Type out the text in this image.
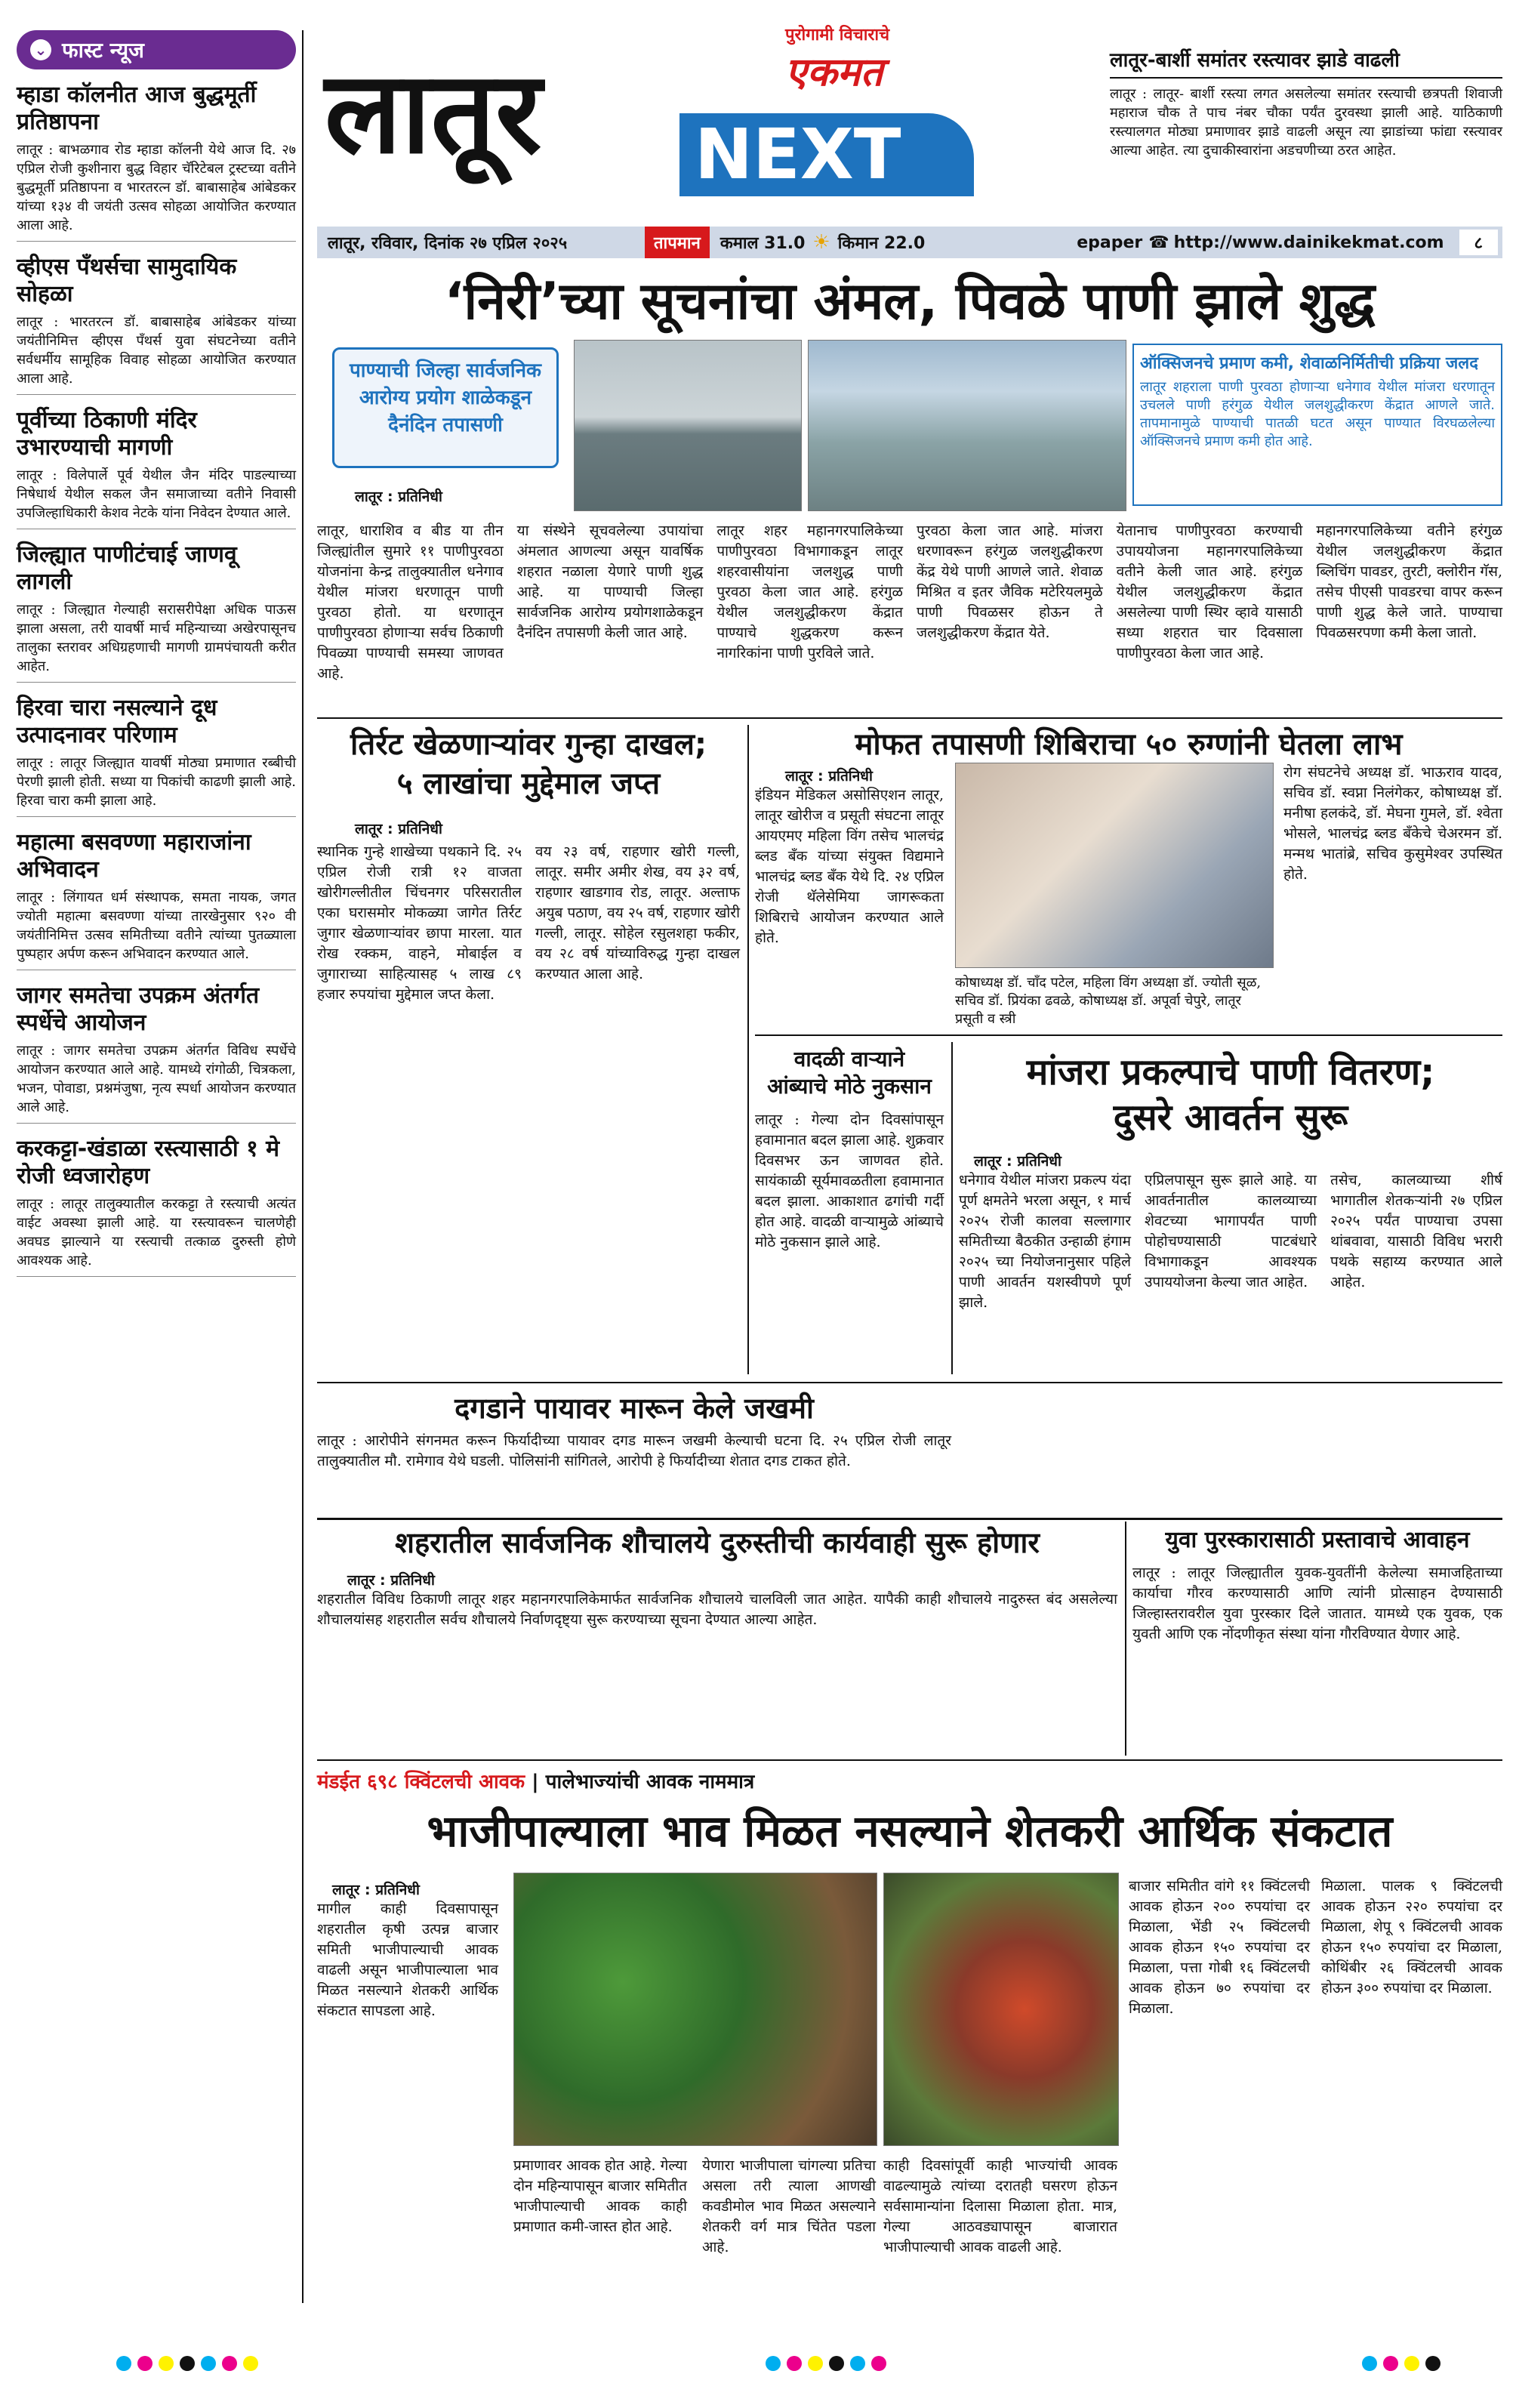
⌄ फास्ट न्यूज
म्हाडा कॉलनीत आज बुद्धमूर्ती प्रतिष्ठापना
लातूर : बाभळगाव रोड म्हाडा कॉलनी येथे आज दि. २७ एप्रिल रोजी कुशीनारा बुद्ध विहार चॅरिटेबल ट्रस्टच्या वतीने बुद्धमूर्ती प्रतिष्ठापना व भारतरत्न डॉ. बाबासाहेब आंबेडकर यांच्या १३४ वी जयंती उत्सव सोहळा आयोजित करण्यात आला आहे.
व्हीएस पँथर्सचा सामुदायिक सोहळा
लातूर : भारतरत्न डॉ. बाबासाहेब आंबेडकर यांच्या जयंतीनिमित्त व्हीएस पँथर्स युवा संघटनेच्या वतीने सर्वधर्मीय सामूहिक विवाह सोहळा आयोजित करण्यात आला आहे.
पूर्वीच्या ठिकाणी मंदिर उभारण्याची मागणी
लातूर : विलेपार्ले पूर्व येथील जैन मंदिर पाडल्याच्या निषेधार्थ येथील सकल जैन समाजाच्या वतीने निवासी उपजिल्हाधिकारी केशव नेटके यांना निवेदन देण्यात आले.
जिल्ह्यात पाणीटंचाई जाणवू लागली
लातूर : जिल्ह्यात गेल्याही सरासरीपेक्षा अधिक पाऊस झाला असला, तरी यावर्षी मार्च महिन्याच्या अखेरपासूनच तालुका स्तरावर अधिग्रहणाची मागणी ग्रामपंचायती करीत आहेत.
हिरवा चारा नसल्याने दूध उत्पादनावर परिणाम
लातूर : लातूर जिल्ह्यात यावर्षी मोठ्या प्रमाणात रब्बीची पेरणी झाली होती. सध्या या पिकांची काढणी झाली आहे. हिरवा चारा कमी झाला आहे.
महात्मा बसवण्णा महाराजांना अभिवादन
लातूर : लिंगायत धर्म संस्थापक, समता नायक, जगत ज्योती महात्मा बसवण्णा यांच्या तारखेनुसार ९२० वी जयंतीनिमित्त उत्सव समितीच्या वतीने त्यांच्या पुतळ्याला पुष्पहार अर्पण करून अभिवादन करण्यात आले.
जागर समतेचा उपक्रम अंतर्गत स्पर्धेचे आयोजन
लातूर : जागर समतेचा उपक्रम अंतर्गत विविध स्पर्धेचे आयोजन करण्यात आले आहे. यामध्ये रांगोळी, चित्रकला, भजन, पोवाडा, प्रश्नमंजुषा, नृत्य स्पर्धा आयोजन करण्यात आले आहे.
करकट्टा-खंडाळा रस्त्यासाठी १ मे रोजी ध्वजारोहण
लातूर : लातूर तालुक्यातील करकट्टा ते रस्त्याची अत्यंत वाईट अवस्था झाली आहे. या रस्त्यावरून चालणेही अवघड झाल्याने या रस्त्याची तत्काळ दुरुस्ती होणे आवश्यक आहे.
लातूर
पुरोगामी विचाराचे
एकमत
NEXT
लातूर-बार्शी समांतर रस्त्यावर झाडे वाढली
लातूर : लातूर- बार्शी रस्त्या लगत असलेल्या समांतर रस्त्याची छत्रपती शिवाजी महाराज चौक ते पाच नंबर चौका पर्यंत दुरवस्था झाली आहे. याठिकाणी रस्त्यालगत मोठ्या प्रमाणावर झाडे वाढली असून त्या झाडांच्या फांद्या रस्त्यावर आल्या आहेत. त्या दुचाकीस्वारांना अडचणीच्या ठरत आहेत.
लातूर, रविवार, दिनांक २७ एप्रिल २०२५	तापमान	कमाल 31.0 ☀ किमान 22.0	epaper ☎ http://www.dainikekmat.com	८
‘निरी’च्या सूचनांचा अंमल, पिवळे पाणी झाले शुद्ध
पाण्याची जिल्हा सार्वजनिक आरोग्य प्रयोग शाळेकडून दैनंदिन तपासणी
लातूर : प्रतिनिधी
ऑक्सिजनचे प्रमाण कमी, शेवाळनिर्मितीची प्रक्रिया जलद
लातूर शहराला पाणी पुरवठा होणाऱ्या धनेगाव येथील मांजरा धरणातून उचलले पाणी हरंगुळ येथील जलशुद्धीकरण केंद्रात आणले जाते. तापमानामुळे पाण्याची पातळी घटत असून पाण्यात विरघळलेल्या ऑक्सिजनचे प्रमाण कमी होत आहे.

लातूर, धाराशिव व बीड या तीन जिल्ह्यांतील सुमारे ११ पाणीपुरवठा योजनांना केन्द्र तालुक्यातील धनेगाव येथील मांजरा धरणातून पाणी पुरवठा होतो. या धरणातून पाणीपुरवठा होणाऱ्या सर्वच ठिकाणी पिवळ्या पाण्याची समस्या जाणवत आहे.

या संस्थेने सूचवलेल्या उपायांचा अंमलात आणल्या असून यावर्षिक शहरात नळाला येणारे पाणी शुद्ध आहे. या पाण्याची जिल्हा सार्वजनिक आरोग्य प्रयोगशाळेकडून दैनंदिन तपासणी केली जात आहे.

लातूर शहर महानगरपालिकेच्या पाणीपुरवठा विभागाकडून लातूर शहरवासीयांना जलशुद्ध पाणी पुरवठा केला जात आहे. हरंगुळ येथील जलशुद्धीकरण केंद्रात पाण्याचे शुद्धकरण करून नागरिकांना पाणी पुरविले जाते.

पुरवठा केला जात आहे. मांजरा धरणावरून हरंगुळ जलशुद्धीकरण केंद्र येथे पाणी आणले जाते. शेवाळ मिश्रित व इतर जैविक मटेरियलमुळे पाणी पिवळसर होऊन ते जलशुद्धीकरण केंद्रात येते.

येतानाच पाणीपुरवठा करण्याची उपाययोजना महानगरपालिकेच्या वतीने केली जात आहे. हरंगुळ येथील जलशुद्धीकरण केंद्रात असलेल्या पाणी स्थिर व्हावे यासाठी सध्या शहरात चार दिवसाला पाणीपुरवठा केला जात आहे.

महानगरपालिकेच्या वतीने हरंगुळ येथील जलशुद्धीकरण केंद्रात ब्लिचिंग पावडर, तुरटी, क्लोरीन गॅस, तसेच पीएसी पावडरचा वापर करून पाणी शुद्ध केले जाते. पाण्याचा पिवळसरपणा कमी केला जातो.

तिर्रट खेळणाऱ्यांवर गुन्हा दाखल;
५ लाखांचा मुद्देमाल जप्त
लातूर : प्रतिनिधी

स्थानिक गुन्हे शाखेच्या पथकाने दि. २५ एप्रिल रोजी रात्री १२ वाजता खोरीगल्लीतील चिंचनगर परिसरातील एका घरासमोर मोकळ्या जागेत तिर्रट जुगार खेळणाऱ्यांवर छापा मारला. यात रोख रक्कम, वाहने, मोबाईल व जुगाराच्या साहित्यासह ५ लाख ८९ हजार रुपयांचा मुद्देमाल जप्त केला.

वय २३ वर्ष, राहणार खोरी गल्ली, लातूर. समीर अमीर शेख, वय ३२ वर्ष, राहणार खाडगाव रोड, लातूर. अल्ताफ अयुब पठाण, वय २५ वर्ष, राहणार खोरी गल्ली, लातूर. सोहेल रसुलशहा फकीर, वय २८ वर्ष यांच्याविरुद्ध गुन्हा दाखल करण्यात आला आहे.

मोफत तपासणी शिबिराचा ५० रुग्णांनी घेतला लाभ
लातूर : प्रतिनिधी

इंडियन मेडिकल असोसिएशन लातूर, लातूर खोरीज व प्रसूती संघटना लातूर आयएमए महिला विंग तसेच भालचंद्र ब्लड बँक यांच्या संयुक्त विद्यमाने भालचंद्र ब्लड बँक येथे दि. २४ एप्रिल रोजी थॅलेसेमिया जागरूकता शिबिराचे आयोजन करण्यात आले होते.

कोषाध्यक्ष डॉ. चाँद पटेल, महिला विंग अध्यक्षा डॉ. ज्योती सूळ, सचिव डॉ. प्रियंका ढवळे, कोषाध्यक्ष डॉ. अपूर्वा चेपुरे, लातूर प्रसूती व स्त्री

रोग संघटनेचे अध्यक्ष डॉ. भाऊराव यादव, सचिव डॉ. स्वप्ना निलंगेकर, कोषाध्यक्ष डॉ. मनीषा हलकंदे, डॉ. मेघना गुमले, डॉ. श्वेता भोसले, भालचंद्र ब्लड बँकेचे चेअरमन डॉ. मन्मथ भातांब्रे, सचिव कुसुमेश्वर उपस्थित होते.

वादळी वाऱ्याने
आंब्याचे मोठे नुकसान

लातूर : गेल्या दोन दिवसांपासून हवामानात बदल झाला आहे. शुक्रवार दिवसभर ऊन जाणवत होते. सायंकाळी सूर्यमावळतीला हवामानात बदल झाला. आकाशात ढगांची गर्दी होत आहे. वादळी वाऱ्यामुळे आंब्याचे मोठे नुकसान झाले आहे.

मांजरा प्रकल्पाचे पाणी वितरण;
दुसरे आवर्तन सुरू
लातूर : प्रतिनिधी

धनेगाव येथील मांजरा प्रकल्प यंदा पूर्ण क्षमतेने भरला असून, १ मार्च २०२५ रोजी कालवा सल्लागार समितीच्या बैठकीत उन्हाळी हंगाम २०२५ च्या नियोजनानुसार पहिले पाणी आवर्तन यशस्वीपणे पूर्ण झाले.

एप्रिलपासून सुरू झाले आहे. या आवर्तनातील कालव्याच्या शेवटच्या भागापर्यंत पाणी पोहोचण्यासाठी पाटबंधारे विभागाकडून आवश्यक उपाययोजना केल्या जात आहेत.

तसेच, कालव्याच्या शीर्ष भागातील शेतकऱ्यांनी २७ एप्रिल २०२५ पर्यंत पाण्याचा उपसा थांबवावा, यासाठी विविध भरारी पथके सहाय्य करण्यात आले आहेत.

दगडाने पायावर मारून केले जखमी

लातूर : आरोपीने संगनमत करून फिर्यादीच्या पायावर दगड मारून जखमी केल्याची घटना दि. २५ एप्रिल रोजी लातूर तालुक्यातील मौ. रामेगाव येथे घडली. पोलिसांनी सांगितले, आरोपी हे फिर्यादीच्या शेतात दगड टाकत होते.

शहरातील सार्वजनिक शौचालये दुरुस्तीची कार्यवाही सुरू होणार
लातूर : प्रतिनिधी

शहरातील विविध ठिकाणी लातूर शहर महानगरपालिकेमार्फत सार्वजनिक शौचालये चालविली जात आहेत. यापैकी काही शौचालये नादुरुस्त बंद असलेल्या शौचालयांसह शहरातील सर्वच शौचालये निर्वाणदृष्ट्या सुरू करण्याच्या सूचना देण्यात आल्या आहेत.

युवा पुरस्कारासाठी प्रस्तावाचे आवाहन

लातूर : लातूर जिल्ह्यातील युवक-युवतींनी केलेल्या समाजहिताच्या कार्याचा गौरव करण्यासाठी आणि त्यांनी प्रोत्साहन देण्यासाठी जिल्हास्तरावरील युवा पुरस्कार दिले जातात. यामध्ये एक युवक, एक युवती आणि एक नोंदणीकृत संस्था यांना गौरविण्यात येणार आहे.

मंडईत ६९८ क्विंटलची आवक | पालेभाज्यांची आवक नाममात्र
भाजीपाल्याला भाव मिळत नसल्याने शेतकरी आर्थिक संकटात
लातूर : प्रतिनिधी

मागील काही दिवसापासून शहरातील कृषी उत्पन्न बाजार समिती भाजीपाल्याची आवक वाढली असून भाजीपाल्याला भाव मिळत नसल्याने शेतकरी आर्थिक संकटात सापडला आहे.

प्रमाणावर आवक होत आहे. गेल्या दोन महिन्यापासून बाजार समितीत भाजीपाल्याची आवक काही प्रमाणात कमी-जास्त होत आहे.

येणारा भाजीपाला चांगल्या प्रतिचा असला तरी त्याला आणखी कवडीमोल भाव मिळत असल्याने शेतकरी वर्ग मात्र चिंतेत पडला आहे.

काही दिवसांपूर्वी काही भाज्यांची आवक वाढल्यामुळे त्यांच्या दरातही घसरण होऊन सर्वसामान्यांना दिलासा मिळाला होता. मात्र, गेल्या आठवड्यापासून बाजारात भाजीपाल्याची आवक वाढली आहे.

बाजार समितीत वांगे ११ क्विंटलची आवक होऊन २०० रुपयांचा दर मिळाला, भेंडी २५ क्विंटलची आवक होऊन १५० रुपयांचा दर मिळाला, पत्ता गोबी १६ क्विंटलची आवक होऊन ७० रुपयांचा दर मिळाला.

मिळाला. पालक ९ क्विंटलची आवक होऊन २२० रुपयांचा दर मिळाला, शेपू ९ क्विंटलची आवक होऊन १५० रुपयांचा दर मिळाला, कोथिंबीर २६ क्विंटलची आवक होऊन ३०० रुपयांचा दर मिळाला.
